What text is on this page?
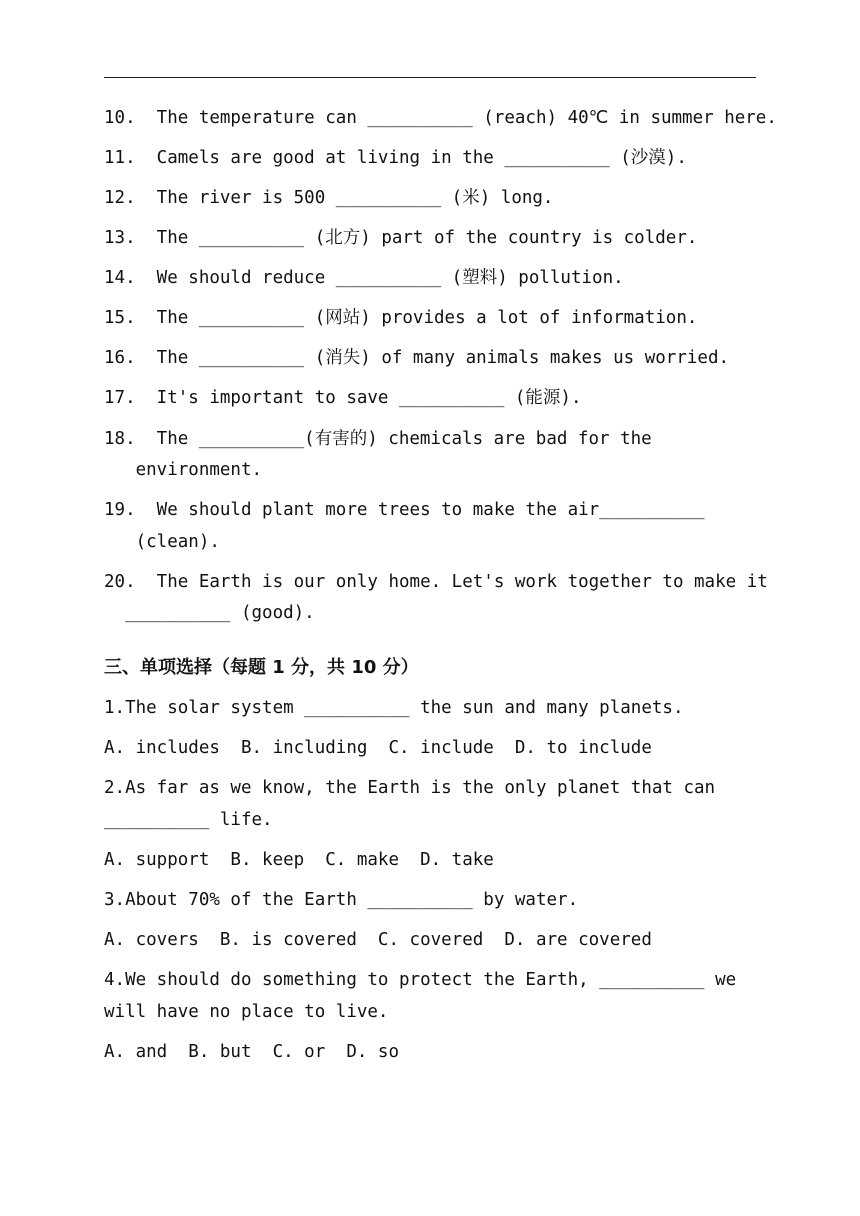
10.  The temperature can __________ (reach) 40℃ in summer here.
11.  Camels are good at living in the __________ (沙漠).
12.  The river is 500 __________ (米) long.
13.  The __________ (北方) part of the country is colder.
14.  We should reduce __________ (塑料) pollution.
15.  The __________ (网站) provides a lot of information.
16.  The __________ (消失) of many animals makes us worried.
17.  It's important to save __________ (能源).
18.  The __________(有害的) chemicals are bad for the
environment.
19.  We should plant more trees to make the air__________
(clean).
20.  The Earth is our only home. Let's work together to make it
__________ (good).
三、单项选择（每题 1 分，共 10 分）
1.The solar system __________ the sun and many planets.
A. includes  B. including  C. include  D. to include
2.As far as we know, the Earth is the only planet that can
__________ life.
A. support  B. keep  C. make  D. take
3.About 70% of the Earth __________ by water.
A. covers  B. is covered  C. covered  D. are covered
4.We should do something to protect the Earth, __________ we
will have no place to live.
A. and  B. but  C. or  D. so
